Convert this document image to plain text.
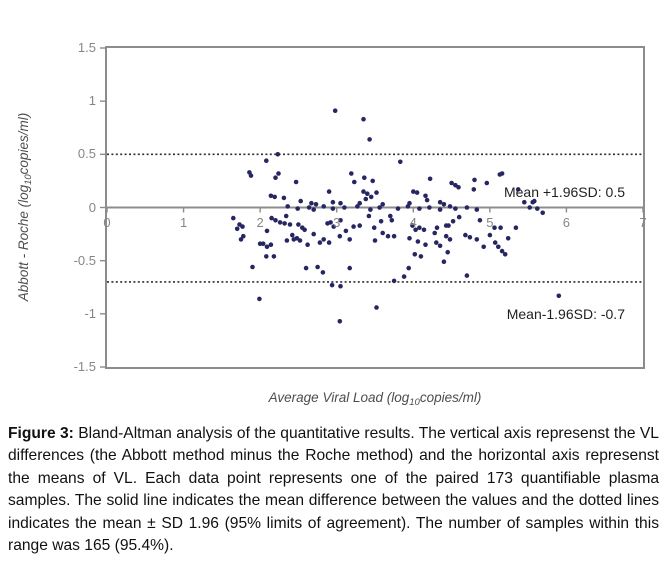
Abbott - Roche $(\log_{10}copies/ml)$
Mean +1.96SD: 0.5
Mean-1.96SD: -0.7
1.5
1
0.5
0
-0.5
-1
-1.5
0	1	2	3	4	5	6	7
Average Viral Load $(\log_{10}copies/ml)$
Figure 3: Bland-Altman analysis of the quantitative results. The vertical axis represenst the VL differences (the Abbott method minus the Roche method) and the horizontal axis represenst the means of VL. Each data point represents one of the paired 173 quantifiable plasma samples. The solid line indicates the mean difference between the values and the dotted lines indicates the mean ± SD 1.96 (95% limits of agreement). The number of samples within this range was 165 (95.4%).
